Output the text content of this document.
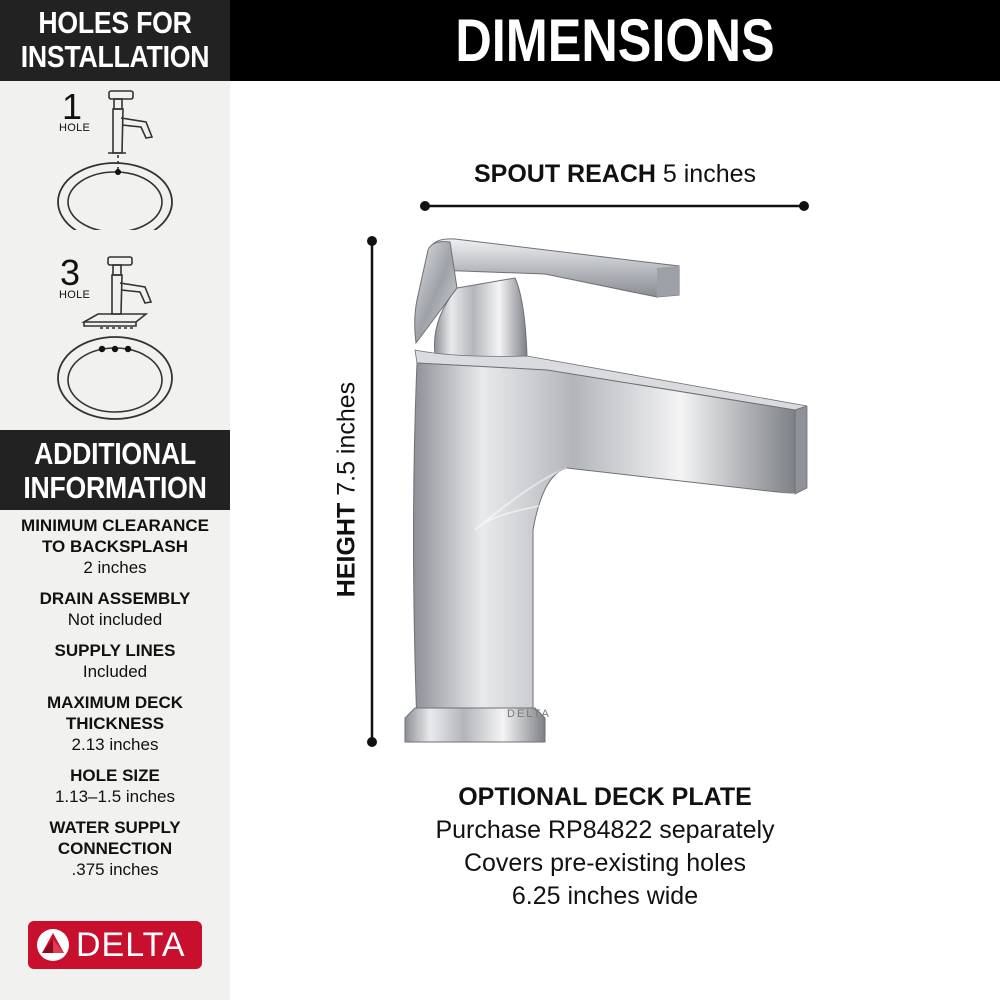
HOLES FOR INSTALLATION
1
HOLE
3
HOLE
ADDITIONAL INFORMATION
MINIMUM CLEARANCE
TO BACKSPLASH
2 inches
DRAIN ASSEMBLY
Not included
SUPPLY LINES
Included
MAXIMUM DECK
THICKNESS
2.13 inches
HOLE SIZE
1.13–1.5 inches
WATER SUPPLY
CONNECTION
.375 inches
DELTA
DIMENSIONS
SPOUT REACH 5 inches
HEIGHT 7.5 inches
DELTA
OPTIONAL DECK PLATE
Purchase RP84822 separately
Covers pre-existing holes
6.25 inches wide
